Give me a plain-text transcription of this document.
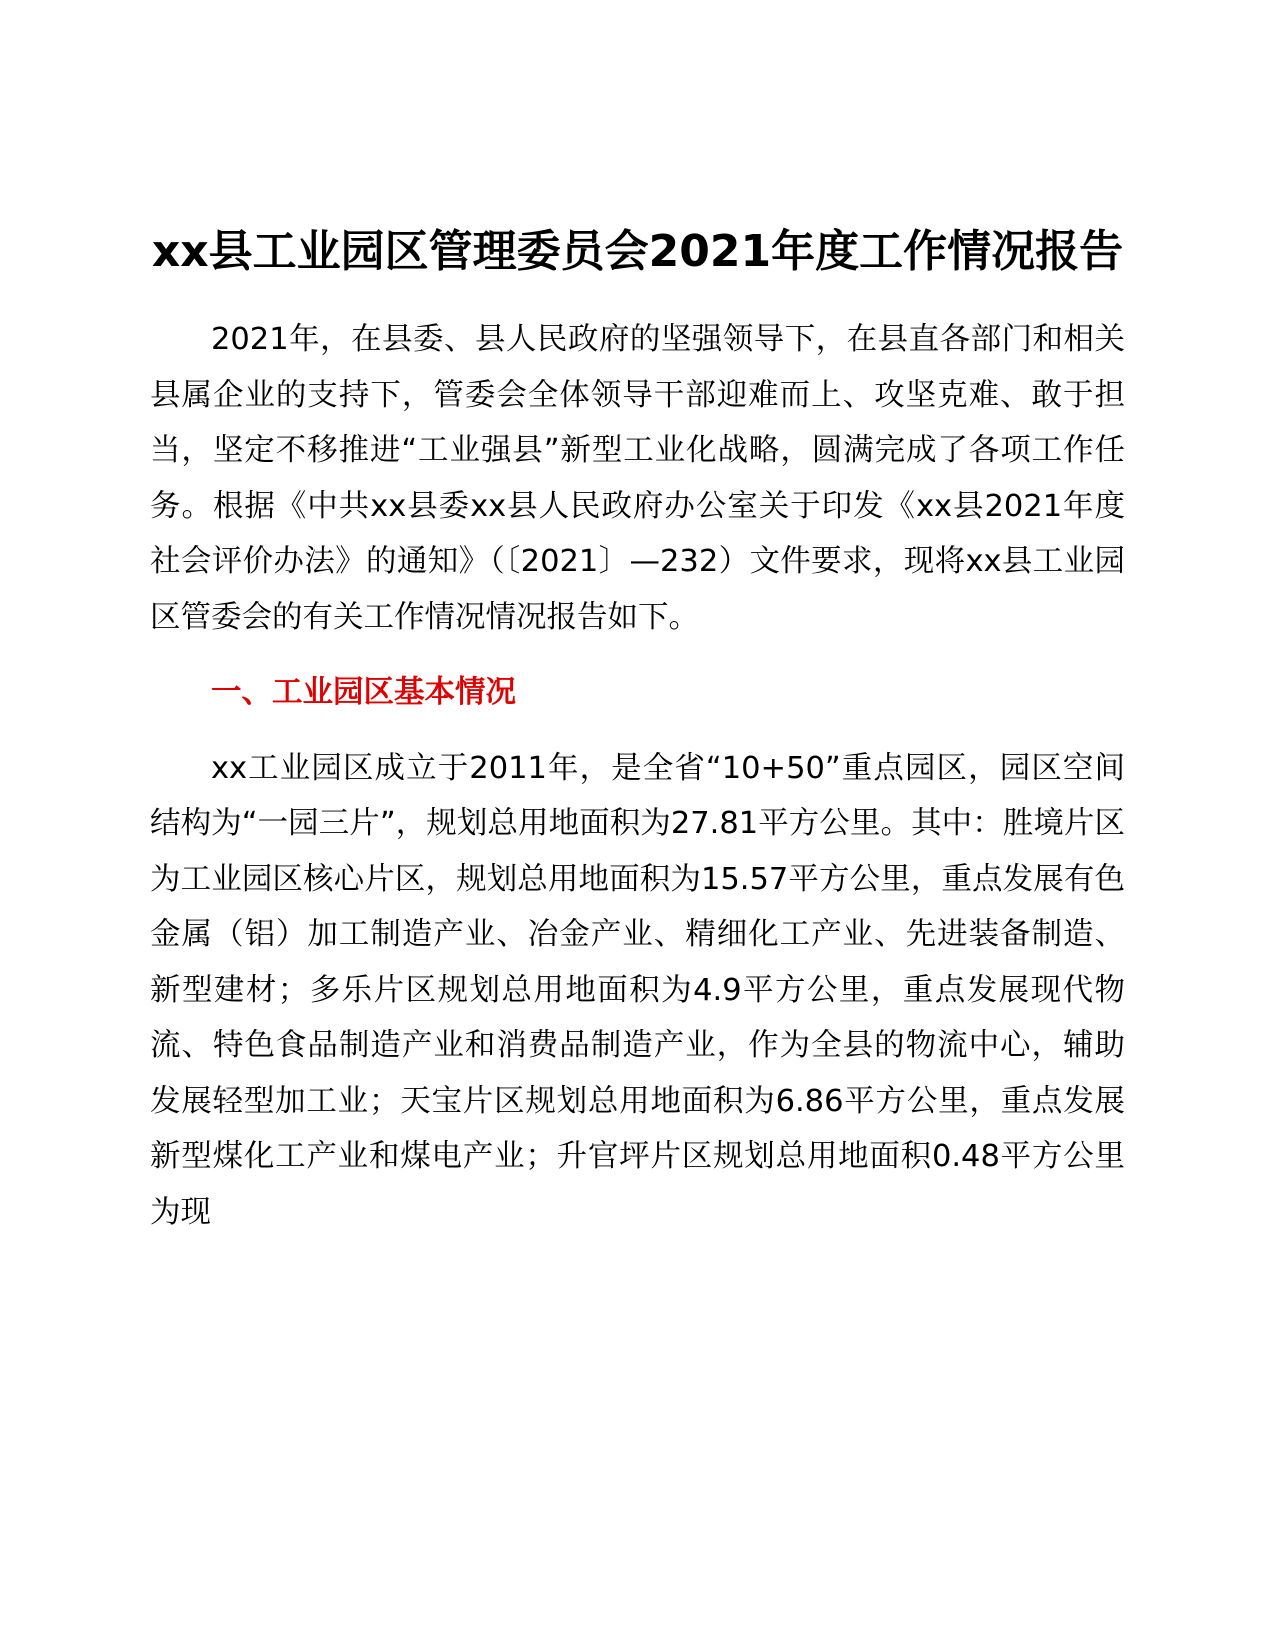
xx县工业园区管理委员会2021年度工作情况报告

2021年，在县委、县人民政府的坚强领导下，在县直各部门和相关县属企业的支持下，管委会全体领导干部迎难而上、攻坚克难、敢于担当，坚定不移推进“工业强县”新型工业化战略，圆满完成了各项工作任务。根据《中共xx县委xx县人民政府办公室关于印发《xx县2021年度社会评价办法》的通知》（〔2021〕—232）文件要求，现将xx县工业园区管委会的有关工作情况情况报告如下。

一、工业园区基本情况

xx工业园区成立于2011年，是全省“10+50”重点园区，园区空间结构为“一园三片”，规划总用地面积为27.81平方公里。其中：胜境片区为工业园区核心片区，规划总用地面积为15.57平方公里，重点发展有色金属（铝）加工制造产业、冶金产业、精细化工产业、先进装备制造、新型建材；多乐片区规划总用地面积为4.9平方公里，重点发展现代物流、特色食品制造产业和消费品制造产业，作为全县的物流中心，辅助发展轻型加工业；天宝片区规划总用地面积为6.86平方公里，重点发展新型煤化工产业和煤电产业；升官坪片区规划总用地面积0.48平方公里为现
